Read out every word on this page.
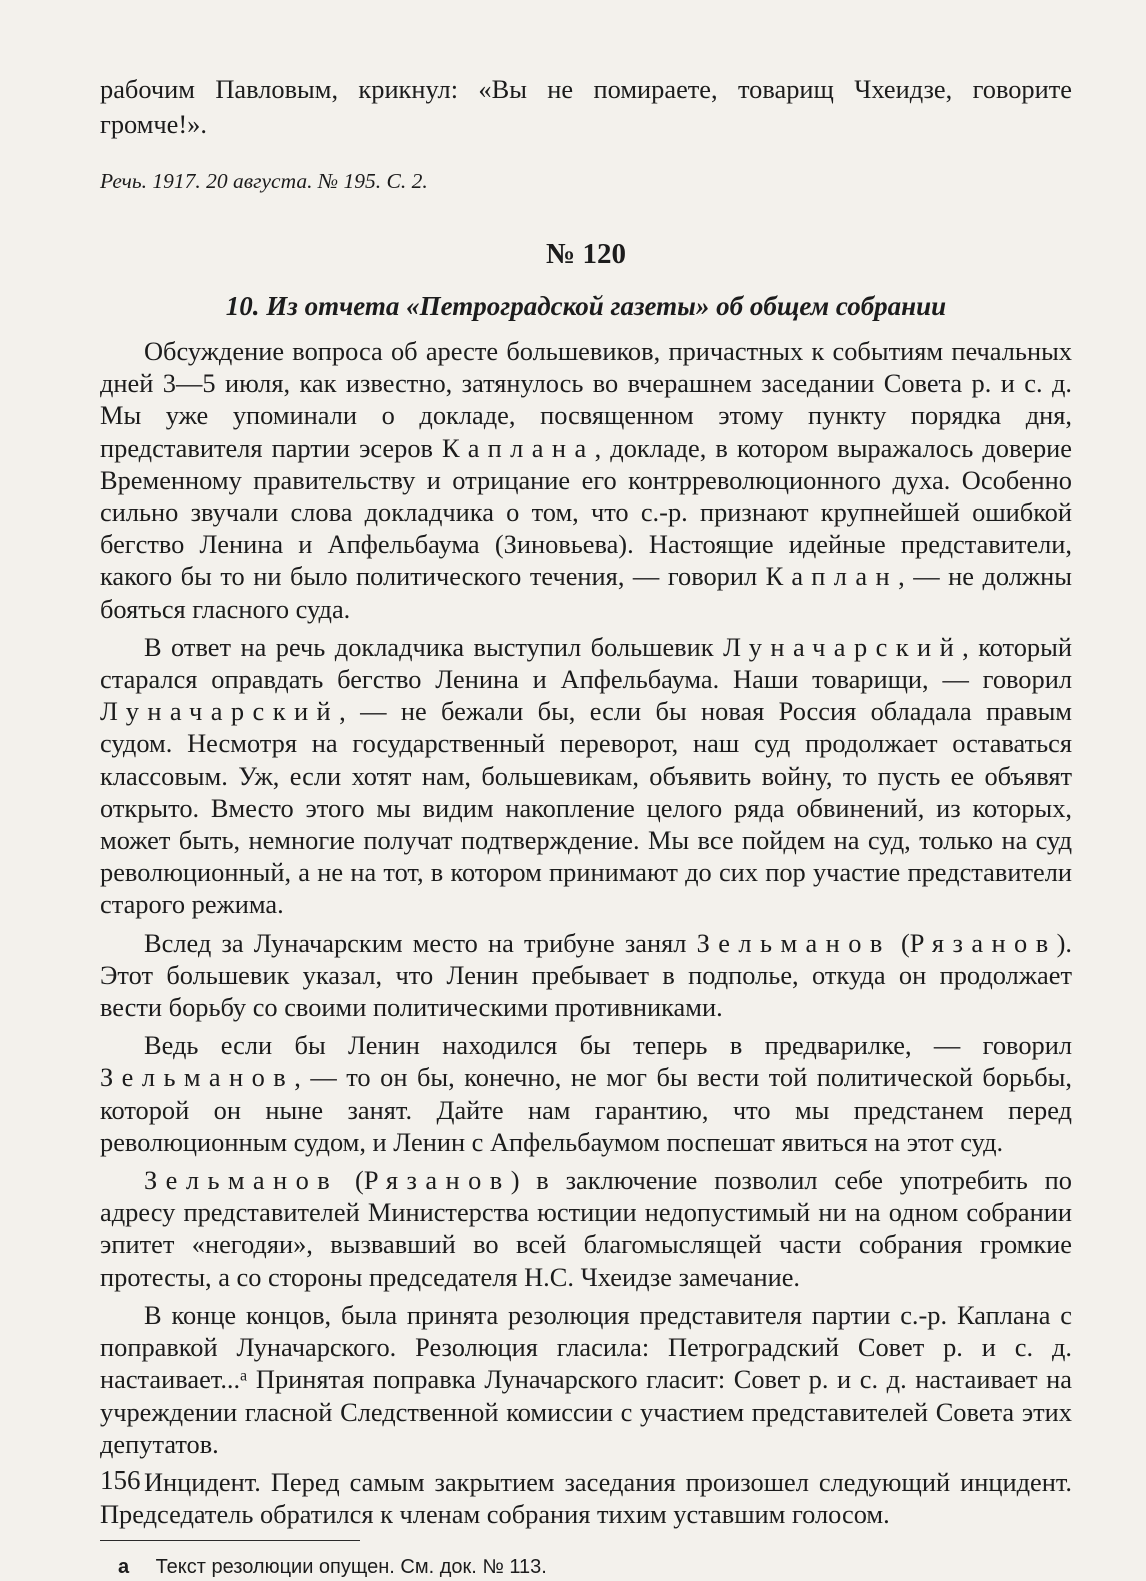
рабочим Павловым, крикнул: «Вы не помираете, товарищ Чхеидзе, говорите громче!».

Речь. 1917. 20 августа. № 195. С. 2.

№ 120
10. Из отчета «Петроградской газеты» об общем собрании

Обсуждение вопроса об аресте большевиков, причастных к событиям печальных дней 3—5 июля, как известно, затянулось во вчерашнем заседании Совета р. и с. д. Мы уже упоминали о докладе, посвященном этому пункту порядка дня, представителя партии эсеров Каплана, докладе, в котором выражалось доверие Временному правительству и отрицание его контрреволюционного духа. Особенно сильно звучали слова докладчика о том, что с.-р. признают крупнейшей ошибкой бегство Ленина и Апфельбаума (Зиновьева). Настоящие идейные представители, какого бы то ни было политического течения, — говорил Каплан, — не должны бояться гласного суда.

В ответ на речь докладчика выступил большевик Луначарский, который старался оправдать бегство Ленина и Апфельбаума. Наши товарищи, — говорил Луначарский, — не бежали бы, если бы новая Россия обладала правым судом. Несмотря на государственный переворот, наш суд продолжает оставаться классовым. Уж, если хотят нам, большевикам, объявить войну, то пусть ее объявят открыто. Вместо этого мы видим накопление целого ряда обвинений, из которых, может быть, немногие получат подтверждение. Мы все пойдем на суд, только на суд революционный, а не на тот, в котором принимают до сих пор участие представители старого режима.

Вслед за Луначарским место на трибуне занял Зельманов (Рязанов). Этот большевик указал, что Ленин пребывает в подполье, откуда он продолжает вести борьбу со своими политическими противниками.

Ведь если бы Ленин находился бы теперь в предварилке, — говорил Зельманов, — то он бы, конечно, не мог бы вести той политической борьбы, которой он ныне занят. Дайте нам гарантию, что мы предстанем перед революционным судом, и Ленин с Апфельбаумом поспешат явиться на этот суд.

Зельманов (Рязанов) в заключение позволил себе употребить по адресу представителей Министерства юстиции недопустимый ни на одном собрании эпитет «негодяи», вызвавший во всей благомыслящей части собрания громкие протесты, а со стороны председателя Н.С. Чхеидзе замечание.

В конце концов, была принята резолюция представителя партии с.-р. Каплана с поправкой Луначарского. Резолюция гласила: Петроградский Совет р. и с. д. настаивает...ᵃ Принятая поправка Луначарского гласит: Совет р. и с. д. настаивает на учреждении гласной Следственной комиссии с участием представителей Совета этих депутатов.

Инцидент. Перед самым закрытием заседания произошел следующий инцидент. Председатель обратился к членам собрания тихим уставшим голосом.

а Текст резолюции опущен. См. док. № 113.

156
